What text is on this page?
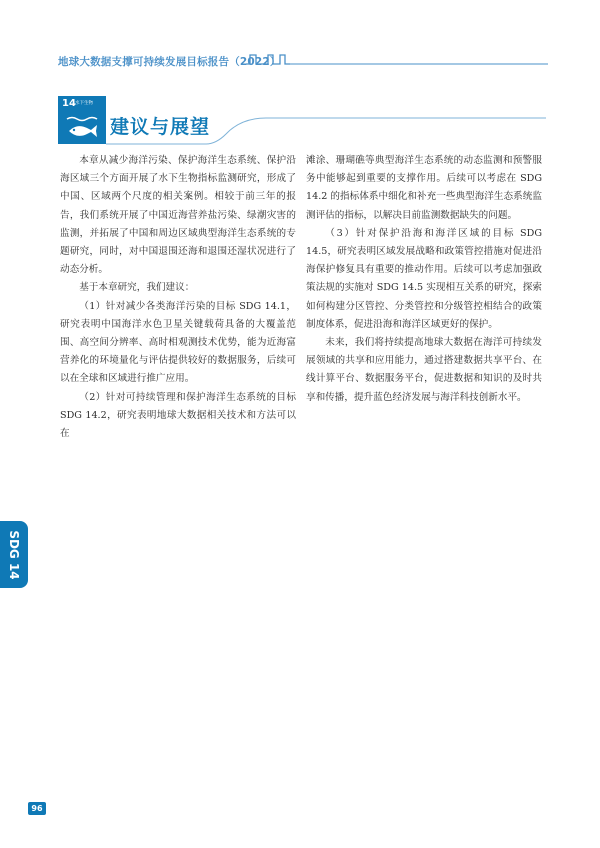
地球大数据支撑可持续发展目标报告（2022）
14 水下生物
建议与展望

本章从减少海洋污染、保护海洋生态系统、保护沿海区域三个方面开展了水下生物指标监测研究，形成了中国、区域两个尺度的相关案例。相较于前三年的报告，我们系统开展了中国近海营养盐污染、绿潮灾害的监测，并拓展了中国和周边区域典型海洋生态系统的专题研究，同时，对中国退围还海和退围还湿状况进行了动态分析。

基于本章研究，我们建议：

（1）针对减少各类海洋污染的目标 SDG 14.1，研究表明中国海洋水色卫星关键载荷具备的大覆盖范围、高空间分辨率、高时相观测技术优势，能为近海富营养化的环境量化与评估提供较好的数据服务，后续可以在全球和区域进行推广应用。

（2）针对可持续管理和保护海洋生态系统的目标 SDG 14.2，研究表明地球大数据相关技术和方法可以在

滩涂、珊瑚礁等典型海洋生态系统的动态监测和预警服务中能够起到重要的支撑作用。后续可以考虑在 SDG 14.2 的指标体系中细化和补充一些典型海洋生态系统监测评估的指标，以解决目前监测数据缺失的问题。

（3）针对保护沿海和海洋区域的目标 SDG 14.5，研究表明区域发展战略和政策管控措施对促进沿海保护修复具有重要的推动作用。后续可以考虑加强政策法规的实施对 SDG 14.5 实现相互关系的研究，探索如何构建分区管控、分类管控和分级管控相结合的政策制度体系，促进沿海和海洋区域更好的保护。

未来，我们将持续提高地球大数据在海洋可持续发展领域的共享和应用能力，通过搭建数据共享平台、在线计算平台、数据服务平台，促进数据和知识的及时共享和传播，提升蓝色经济发展与海洋科技创新水平。

SDG 14
96
